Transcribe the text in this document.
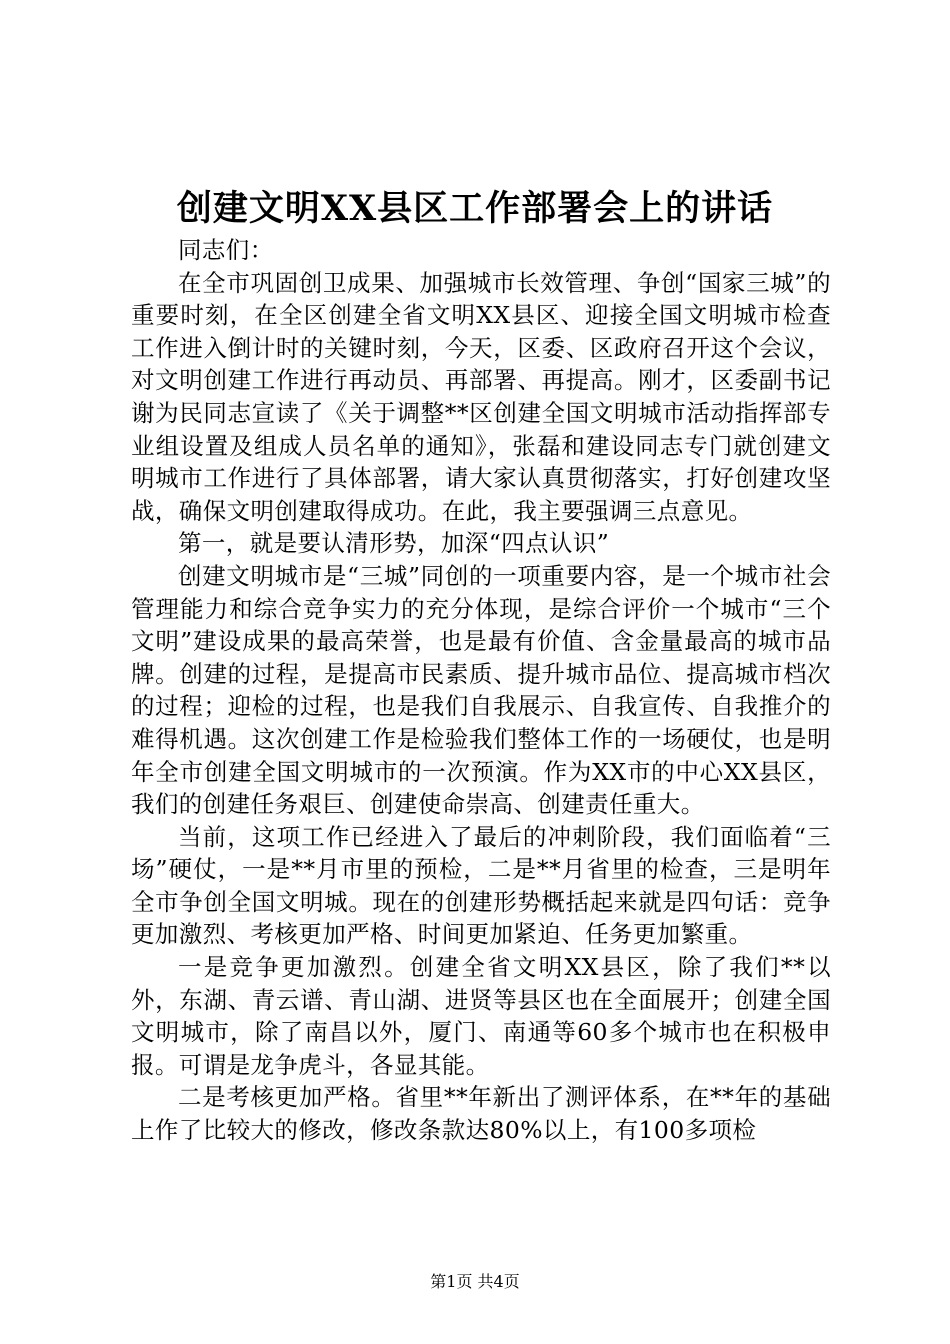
创建文明XX县区工作部署会上的讲话

同志们：

在全市巩固创卫成果、加强城市长效管理、争创“国家三城”的重要时刻，在全区创建全省文明XX县区、迎接全国文明城市检查工作进入倒计时的关键时刻，今天，区委、区政府召开这个会议，对文明创建工作进行再动员、再部署、再提高。刚才，区委副书记谢为民同志宣读了《关于调整**区创建全国文明城市活动指挥部专业组设置及组成人员名单的通知》，张磊和建设同志专门就创建文明城市工作进行了具体部署，请大家认真贯彻落实，打好创建攻坚战，确保文明创建取得成功。在此，我主要强调三点意见。

第一，就是要认清形势，加深“四点认识”

创建文明城市是“三城”同创的一项重要内容，是一个城市社会管理能力和综合竞争实力的充分体现，是综合评价一个城市“三个文明”建设成果的最高荣誉，也是最有价值、含金量最高的城市品牌。创建的过程，是提高市民素质、提升城市品位、提高城市档次的过程；迎检的过程，也是我们自我展示、自我宣传、自我推介的难得机遇。这次创建工作是检验我们整体工作的一场硬仗，也是明年全市创建全国文明城市的一次预演。作为XX市的中心XX县区，我们的创建任务艰巨、创建使命崇高、创建责任重大。

当前，这项工作已经进入了最后的冲刺阶段，我们面临着“三场”硬仗，一是**月市里的预检，二是**月省里的检查，三是明年全市争创全国文明城。现在的创建形势概括起来就是四句话：竞争更加激烈、考核更加严格、时间更加紧迫、任务更加繁重。

一是竞争更加激烈。创建全省文明XX县区，除了我们**以外，东湖、青云谱、青山湖、进贤等县区也在全面展开；创建全国文明城市，除了南昌以外，厦门、南通等60多个城市也在积极申报。可谓是龙争虎斗，各显其能。

二是考核更加严格。省里**年新出了测评体系，在**年的基础上作了比较大的修改，修改条款达80%以上，有100多项检

第1页 共4页
